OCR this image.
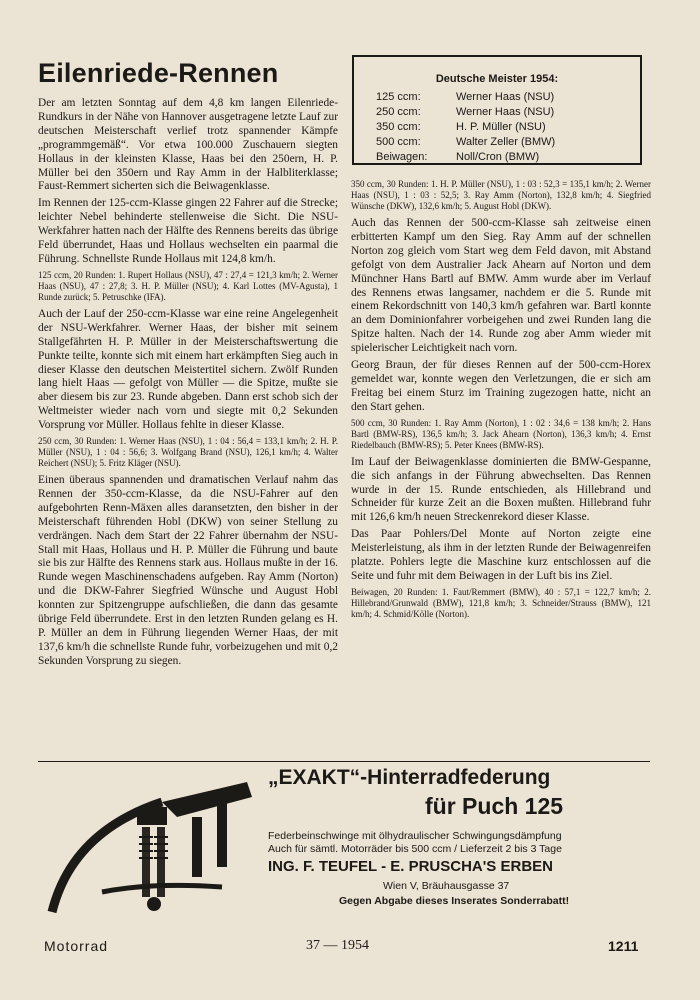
Eilenriede-Rennen	Deutsche Meister 1954:
125 ccm:	Werner Haas (NSU)
250 ccm:	Werner Haas (NSU)
350 ccm:	H. P. Müller (NSU)
500 ccm:	Walter Zeller (BMW)
Beiwagen:	Noll/Cron (BMW)

Der am letzten Sonntag auf dem 4,8 km langen Eilenriede-Rundkurs in der Nähe von Hannover ausgetragene letzte Lauf zur deutschen Meisterschaft verlief trotz spannender Kämpfe „programmgemäß“. Vor etwa 100.000 Zuschauern siegten Hollaus in der kleinsten Klasse, Haas bei den 250ern, H. P. Müller bei den 350ern und Ray Amm in der Halbliterklasse; Faust-Remmert sicherten sich die Beiwagenklasse.

Im Rennen der 125-ccm-Klasse gingen 22 Fahrer auf die Strecke; leichter Nebel behinderte stellenweise die Sicht. Die NSU-Werkfahrer hatten nach der Hälfte des Rennens bereits das übrige Feld überrundet, Haas und Hollaus wechselten ein paarmal die Führung. Schnellste Runde Hollaus mit 124,8 km/h.

125 ccm, 20 Runden: 1. Rupert Hollaus (NSU), 47 : 27,4 = 121,3 km/h; 2. Werner Haas (NSU), 47 : 27,8; 3. H. P. Müller (NSU); 4. Karl Lottes (MV-Agusta), 1 Runde zurück; 5. Petruschke (IFA).

Auch der Lauf der 250-ccm-Klasse war eine reine Angelegenheit der NSU-Werkfahrer. Werner Haas, der bisher mit seinem Stallgefährten H. P. Müller in der Meisterschaftswertung die Punkte teilte, konnte sich mit einem hart erkämpften Sieg auch in dieser Klasse den deutschen Meistertitel sichern. Zwölf Runden lang hielt Haas — gefolgt von Müller — die Spitze, mußte sie aber diesem bis zur 23. Runde abgeben. Dann erst schob sich der Weltmeister wieder nach vorn und siegte mit 0,2 Sekunden Vorsprung vor Müller. Hollaus fehlte in dieser Klasse.

250 ccm, 30 Runden: 1. Werner Haas (NSU), 1 : 04 : 56,4 = 133,1 km/h; 2. H. P. Müller (NSU), 1 : 04 : 56,6; 3. Wolfgang Brand (NSU), 126,1 km/h; 4. Walter Reichert (NSU); 5. Fritz Kläger (NSU).

Einen überaus spannenden und dramatischen Verlauf nahm das Rennen der 350-ccm-Klasse, da die NSU-Fahrer auf den aufgebohrten Renn-Mäxen alles daransetzten, den bisher in der Meisterschaft führenden Hobl (DKW) von seiner Stellung zu verdrängen. Nach dem Start der 22 Fahrer übernahm der NSU-Stall mit Haas, Hollaus und H. P. Müller die Führung und baute sie bis zur Hälfte des Rennens stark aus. Hollaus mußte in der 16. Runde wegen Maschinenschadens aufgeben. Ray Amm (Norton) und die DKW-Fahrer Siegfried Wünsche und August Hobl konnten zur Spitzengruppe aufschließen, die dann das gesamte übrige Feld überrundete. Erst in den letzten Runden gelang es H. P. Müller an dem in Führung liegenden Werner Haas, der mit 137,6 km/h die schnellste Runde fuhr, vorbeizugehen und mit 0,2 Sekunden Vorsprung zu siegen.

350 ccm, 30 Runden: 1. H. P. Müller (NSU), 1 : 03 : 52,3 = 135,1 km/h; 2. Werner Haas (NSU), 1 : 03 : 52,5; 3. Ray Amm (Norton), 132,8 km/h; 4. Siegfried Wünsche (DKW), 132,6 km/h; 5. August Hobl (DKW).

Auch das Rennen der 500-ccm-Klasse sah zeitweise einen erbitterten Kampf um den Sieg. Ray Amm auf der schnellen Norton zog gleich vom Start weg dem Feld davon, mit Abstand gefolgt von dem Australier Jack Ahearn auf Norton und dem Münchner Hans Bartl auf BMW. Amm wurde aber im Verlauf des Rennens etwas langsamer, nachdem er die 5. Runde mit einem Rekordschnitt von 140,3 km/h gefahren war. Bartl konnte an dem Dominionfahrer vorbeigehen und zwei Runden lang die Spitze halten. Nach der 14. Runde zog aber Amm wieder mit spielerischer Leichtigkeit nach vorn.

Georg Braun, der für dieses Rennen auf der 500-ccm-Horex gemeldet war, konnte wegen den Verletzungen, die er sich am Freitag bei einem Sturz im Training zugezogen hatte, nicht an den Start gehen.

500 ccm, 30 Runden: 1. Ray Amm (Norton), 1 : 02 : 34,6 = 138 km/h; 2. Hans Bartl (BMW-RS), 136,5 km/h; 3. Jack Ahearn (Norton), 136,3 km/h; 4. Ernst Riedelbauch (BMW-RS); 5. Peter Knees (BMW-RS).

Im Lauf der Beiwagenklasse dominierten die BMW-Gespanne, die sich anfangs in der Führung abwechselten. Das Rennen wurde in der 15. Runde entschieden, als Hillebrand und Schneider für kurze Zeit an die Boxen mußten. Hillebrand fuhr mit 126,6 km/h neuen Streckenrekord dieser Klasse.

Das Paar Pohlers/Del Monte auf Norton zeigte eine Meisterleistung, als ihm in der letzten Runde der Beiwagenreifen platzte. Pohlers legte die Maschine kurz entschlossen auf die Seite und fuhr mit dem Beiwagen in der Luft bis ins Ziel.

Beiwagen, 20 Runden: 1. Faut/Remmert (BMW), 40 : 57,1 = 122,7 km/h; 2. Hillebrand/Grunwald (BMW), 121,8 km/h; 3. Schneider/Strauss (BMW), 121 km/h; 4. Schmid/Kölle (Norton).

„EXAKT“-Hinterradfederung
für Puch 125
Federbeinschwinge mit ölhydraulischer Schwingungsdämpfung
Auch für sämtl. Motorräder bis 500 ccm / Lieferzeit 2 bis 3 Tage
ING. F. TEUFEL - E. PRUSCHA'S ERBEN
Wien V, Bräuhausgasse 37
Gegen Abgabe dieses Inserates Sonderrabatt!
Motorrad	37 — 1954	1211
